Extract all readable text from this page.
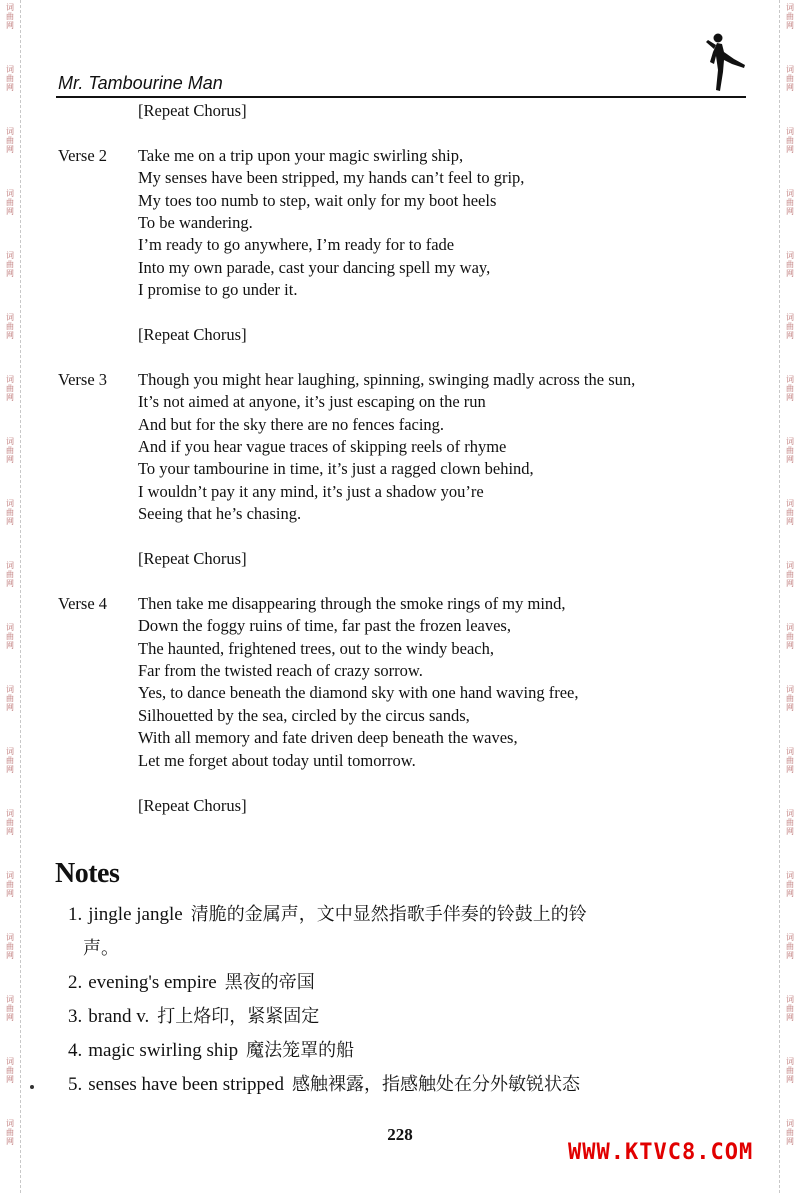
词曲网
词曲网
词曲网
词曲网
词曲网
词曲网
词曲网
词曲网
词曲网
词曲网
词曲网
词曲网
词曲网
词曲网
词曲网
词曲网
词曲网
词曲网
词曲网
词曲网
词曲网
词曲网
词曲网
词曲网
词曲网
词曲网
词曲网
词曲网
词曲网
词曲网
词曲网
词曲网
词曲网
词曲网
词曲网
词曲网
词曲网
词曲网
Mr. Tambourine Man
[Repeat Chorus]
Verse 2	Take me on a trip upon your magic swirling ship,
My senses have been stripped, my hands can’t feel to grip,
My toes too numb to step, wait only for my boot heels
To be wandering.
I’m ready to go anywhere, I’m ready for to fade
Into my own parade, cast your dancing spell my way,
I promise to go under it.
[Repeat Chorus]
Verse 3	Though you might hear laughing, spinning, swinging madly across the sun,
It’s not aimed at anyone, it’s just escaping on the run
And but for the sky there are no fences facing.
And if you hear vague traces of skipping reels of rhyme
To your tambourine in time, it’s just a ragged clown behind,
I wouldn’t pay it any mind, it’s just a shadow you’re
Seeing that he’s chasing.
[Repeat Chorus]
Verse 4	Then take me disappearing through the smoke rings of my mind,
Down the foggy ruins of time, far past the frozen leaves,
The haunted, frightened trees, out to the windy beach,
Far from the twisted reach of crazy sorrow.
Yes, to dance beneath the diamond sky with one hand waving free,
Silhouetted by the sea, circled by the circus sands,
With all memory and fate driven deep beneath the waves,
Let me forget about today until tomorrow.
[Repeat Chorus]
Notes
1. jingle jangle 清脆的金属声，文中显然指歌手伴奏的铃鼓上的铃
声。
2. evening's empire 黑夜的帝国
3. brand v. 打上烙印，紧紧固定
4. magic swirling ship 魔法笼罩的船
5. senses have been stripped 感触裸露，指感触处在分外敏锐状态
228
WWW.KTVC8.COM
